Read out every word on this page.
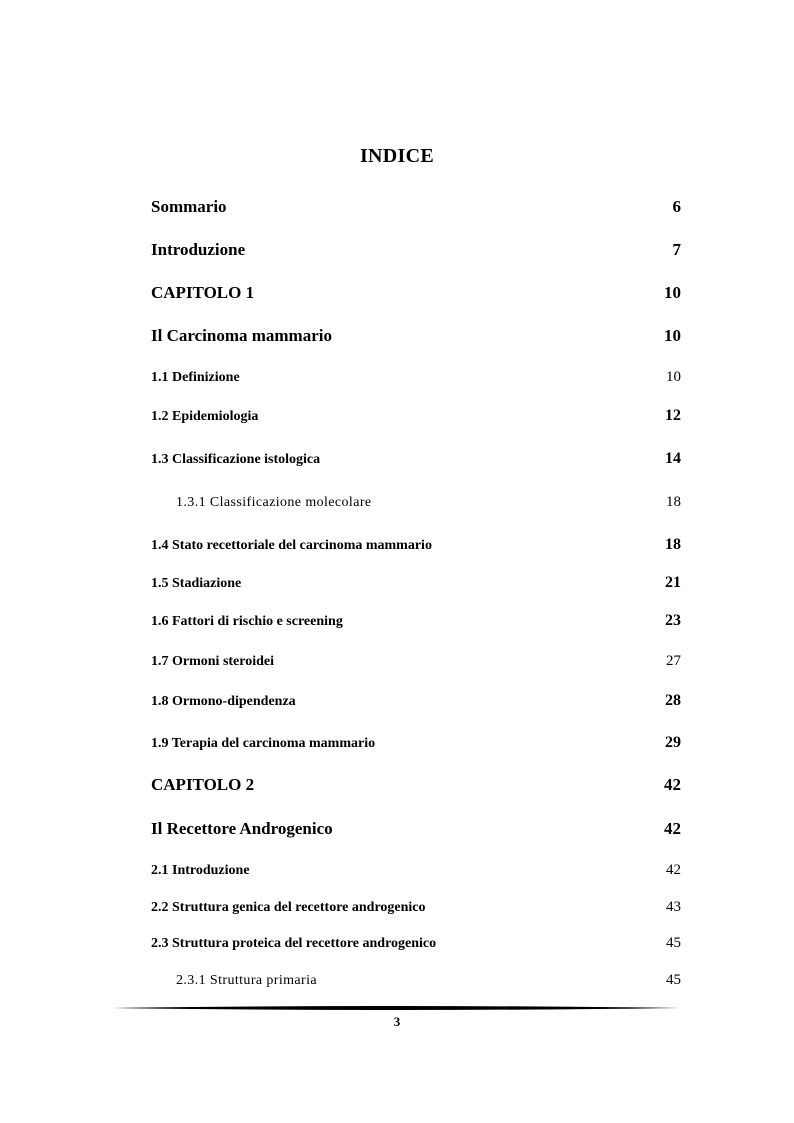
INDICE
Sommario	6
Introduzione	7
CAPITOLO 1	10
Il Carcinoma mammario	10
1.1 Definizione	10
1.2 Epidemiologia	12
1.3 Classificazione istologica	14
1.3.1 Classificazione molecolare	18
1.4 Stato recettoriale del carcinoma mammario	18
1.5 Stadiazione	21
1.6 Fattori di rischio e screening	23
1.7 Ormoni steroidei	27
1.8 Ormono-dipendenza	28
1.9 Terapia del carcinoma mammario	29
CAPITOLO 2	42
Il Recettore Androgenico	42
2.1 Introduzione	42
2.2 Struttura genica del recettore androgenico	43
2.3 Struttura proteica del recettore androgenico	45
2.3.1 Struttura primaria	45
3
